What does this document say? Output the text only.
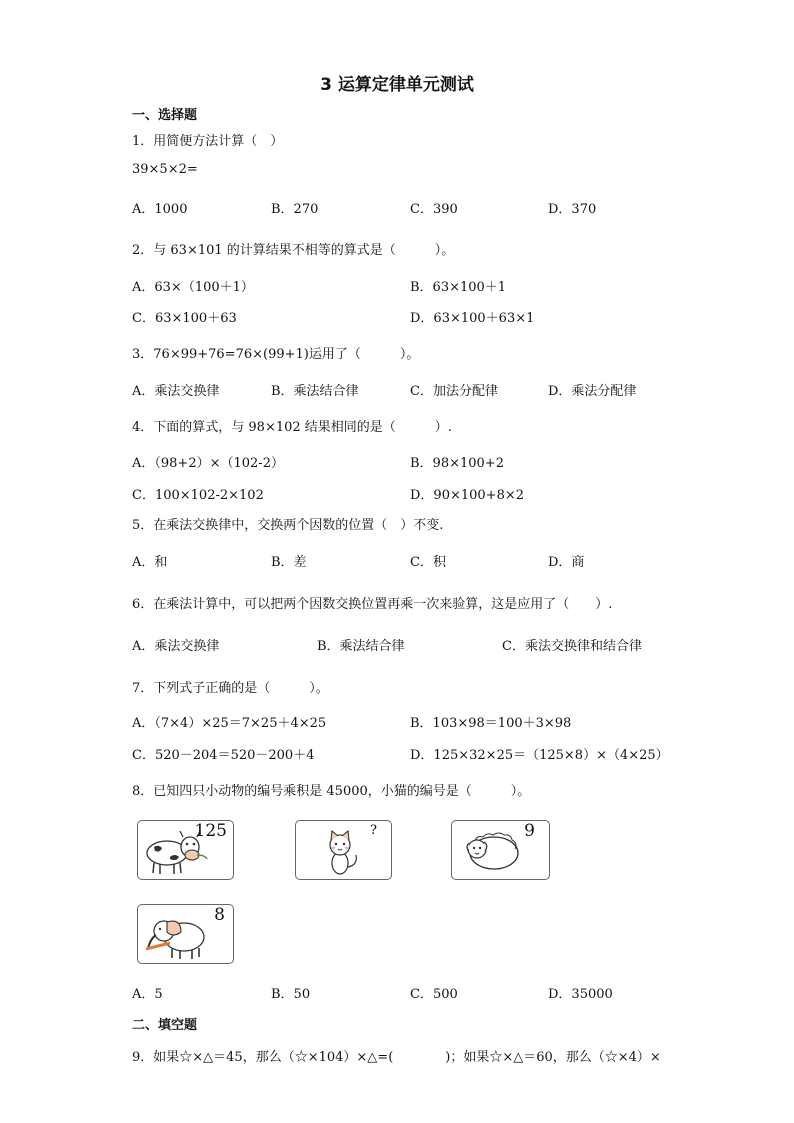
3 运算定律单元测试
一、选择题
1．用简便方法计算（　）
39×5×2=
A．1000	B．270	C．390	D．370
2．与 63×101 的计算结果不相等的算式是（　　　）。
A．63×（100＋1）	B．63×100＋1
C．63×100＋63	D．63×100＋63×1
3．76×99+76=76×(99+1)运用了（　　　）。
A．乘法交换律	B．乘法结合律	C．加法分配律	D．乘法分配律
4．下面的算式，与 98×102 结果相同的是（　　　）.
A．（98+2）×（102-2）	B．98×100+2
C．100×102-2×102	D．90×100+8×2
5．在乘法交换律中，交换两个因数的位置（　）不变.
A．和	B．差	C．积	D．商
6．在乘法计算中，可以把两个因数交换位置再乘一次来验算，这是应用了（　　）.
A．乘法交换律	B．乘法结合律	C．乘法交换律和结合律
7．下列式子正确的是（　　　）。
A．（7×4）×25＝7×25＋4×25	B．103×98＝100＋3×98
C．520－204＝520－200＋4	D．125×32×25＝（125×8）×（4×25）
8．已知四只小动物的编号乘积是 45000，小猫的编号是（　　　）。
125	?	9
8
A．5	B．50	C．500	D．35000
二、填空题
9．如果☆×△＝45，那么（☆×104）×△=(　　　　)；如果☆×△＝60，那么（☆×4）×
